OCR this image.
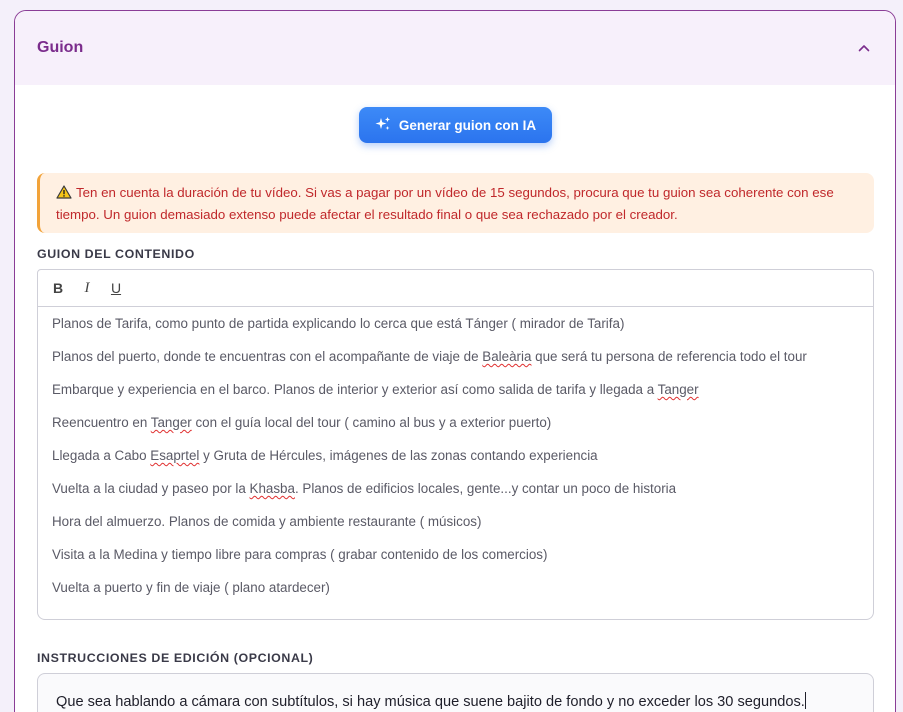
Guion
Generar guion con IA
Ten en cuenta la duración de tu vídeo. Si vas a pagar por un vídeo de 15 segundos, procura que tu guion sea coherente con ese tiempo. Un guion demasiado extenso puede afectar el resultado final o que sea rechazado por el creador.
GUION DEL CONTENIDO
B I U
Planos de Tarifa, como punto de partida explicando lo cerca que está Tánger ( mirador de Tarifa)
Planos del puerto, donde te encuentras con el acompañante de viaje de Baleària que será tu persona de referencia todo el tour
Embarque y experiencia en el barco. Planos de interior y exterior así como salida de tarifa y llegada a Tanger
Reencuentro en Tanger con el guía local del tour ( camino al bus y a exterior puerto)
Llegada a Cabo Esaprtel y Gruta de Hércules, imágenes de las zonas contando experiencia
Vuelta a la ciudad y paseo por la Khasba. Planos de edificios locales, gente...y contar un poco de historia
Hora del almuerzo. Planos de comida y ambiente restaurante ( músicos)
Visita a la Medina y tiempo libre para compras ( grabar contenido de los comercios)
Vuelta a puerto y fin de viaje ( plano atardecer)
INSTRUCCIONES DE EDICIÓN (OPCIONAL)
Que sea hablando a cámara con subtítulos, si hay música que suene bajito de fondo y no exceder los 30 segundos.
